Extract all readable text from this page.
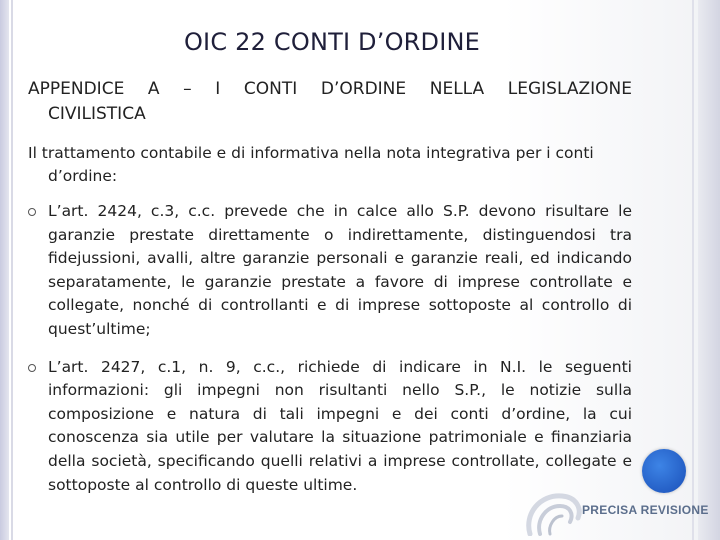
OIC 22 CONTI D’ORDINE
APPENDICE A – I CONTI D’ORDINE NELLA LEGISLAZIONE
CIVILISTICA
Il trattamento contabile e di informativa nella nota integrativa per i conti
d’ordine:
L’art. 2424, c.3, c.c. prevede che in calce allo S.P. devono risultare le garanzie prestate direttamente o indirettamente, distinguendosi tra fidejussioni, avalli, altre garanzie personali e garanzie reali, ed indicando separatamente, le garanzie prestate a favore di imprese controllate e collegate, nonché di controllanti e di imprese sottoposte al controllo di quest’ultime;
L’art. 2427, c.1, n. 9, c.c., richiede di indicare in N.I. le seguenti informazioni: gli impegni non risultanti nello S.P., le notizie sulla composizione e natura di tali impegni e dei conti d’ordine, la cui conoscenza sia utile per valutare la situazione patrimoniale e finanziaria della società, specificando quelli relativi a imprese controllate, collegate e sottoposte al controllo di queste ultime.
PRECISA REVISIONE
